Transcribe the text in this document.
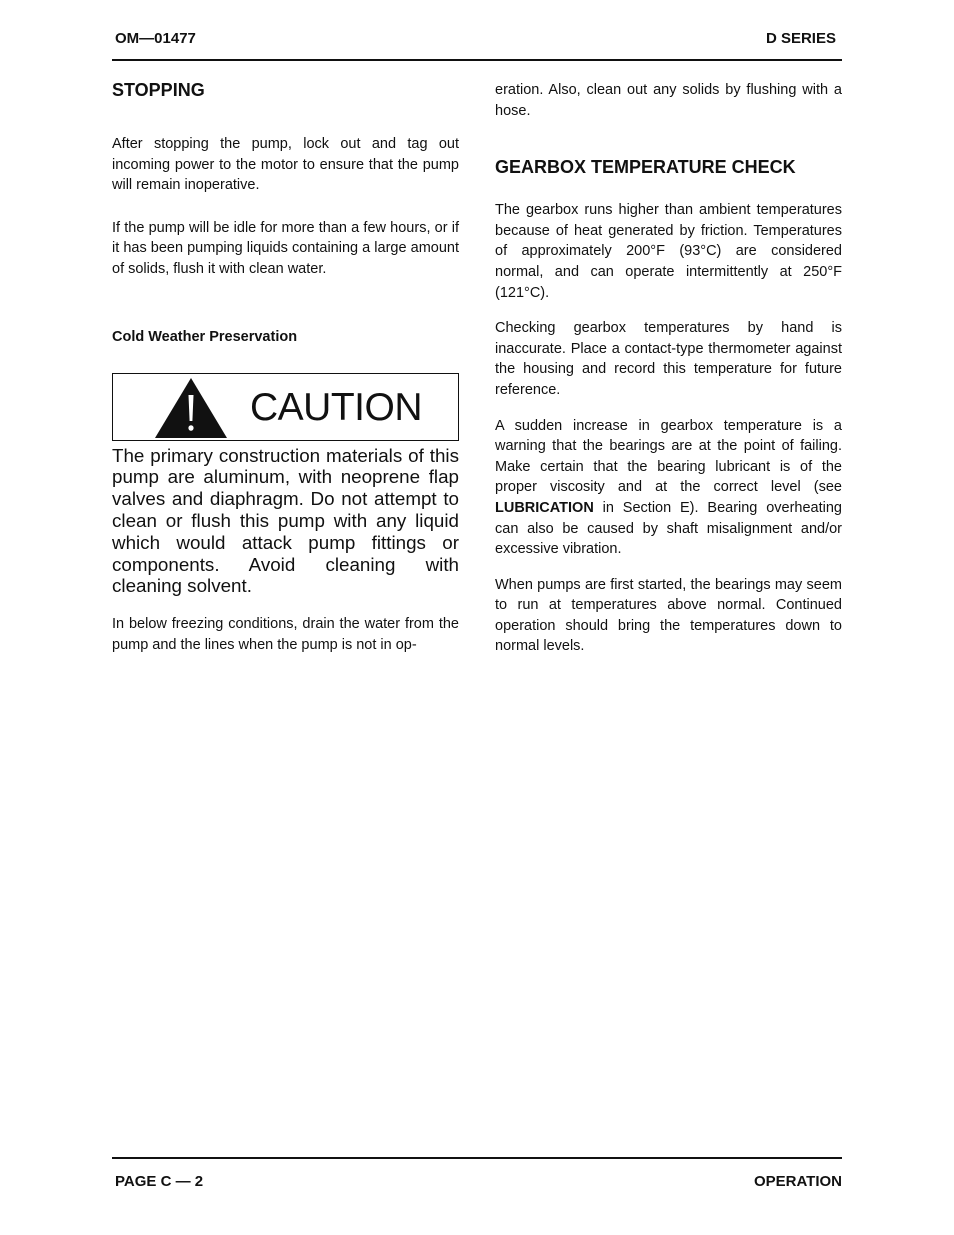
OM—01477	D SERIES
STOPPING

After stopping the pump, lock out and tag out incoming power to the motor to ensure that the pump will remain inoperative.

If the pump will be idle for more than a few hours, or if it has been pumping liquids containing a large amount of solids, flush it with clean water.

Cold Weather Preservation
CAUTION

The primary construction materials of this pump are aluminum, with neoprene flap valves and diaphragm. Do not attempt to clean or flush this pump with any liquid which would attack pump fittings or components. Avoid cleaning with cleaning solvent.

In below freezing conditions, drain the water from the pump and the lines when the pump is not in op-

eration. Also, clean out any solids by flushing with a hose.

GEARBOX TEMPERATURE CHECK

The gearbox runs higher than ambient temperatures because of heat generated by friction. Temperatures of approximately 200°F (93°C) are considered normal, and can operate intermittently at 250°F (121°C).

Checking gearbox temperatures by hand is inaccurate. Place a contact-type thermometer against the housing and record this temperature for future reference.

A sudden increase in gearbox temperature is a warning that the bearings are at the point of failing. Make certain that the bearing lubricant is of the proper viscosity and at the correct level (see LUBRICATION in Section E). Bearing overheating can also be caused by shaft misalignment and/or excessive vibration.

When pumps are first started, the bearings may seem to run at temperatures above normal. Continued operation should bring the temperatures down to normal levels.

PAGE C — 2	OPERATION
